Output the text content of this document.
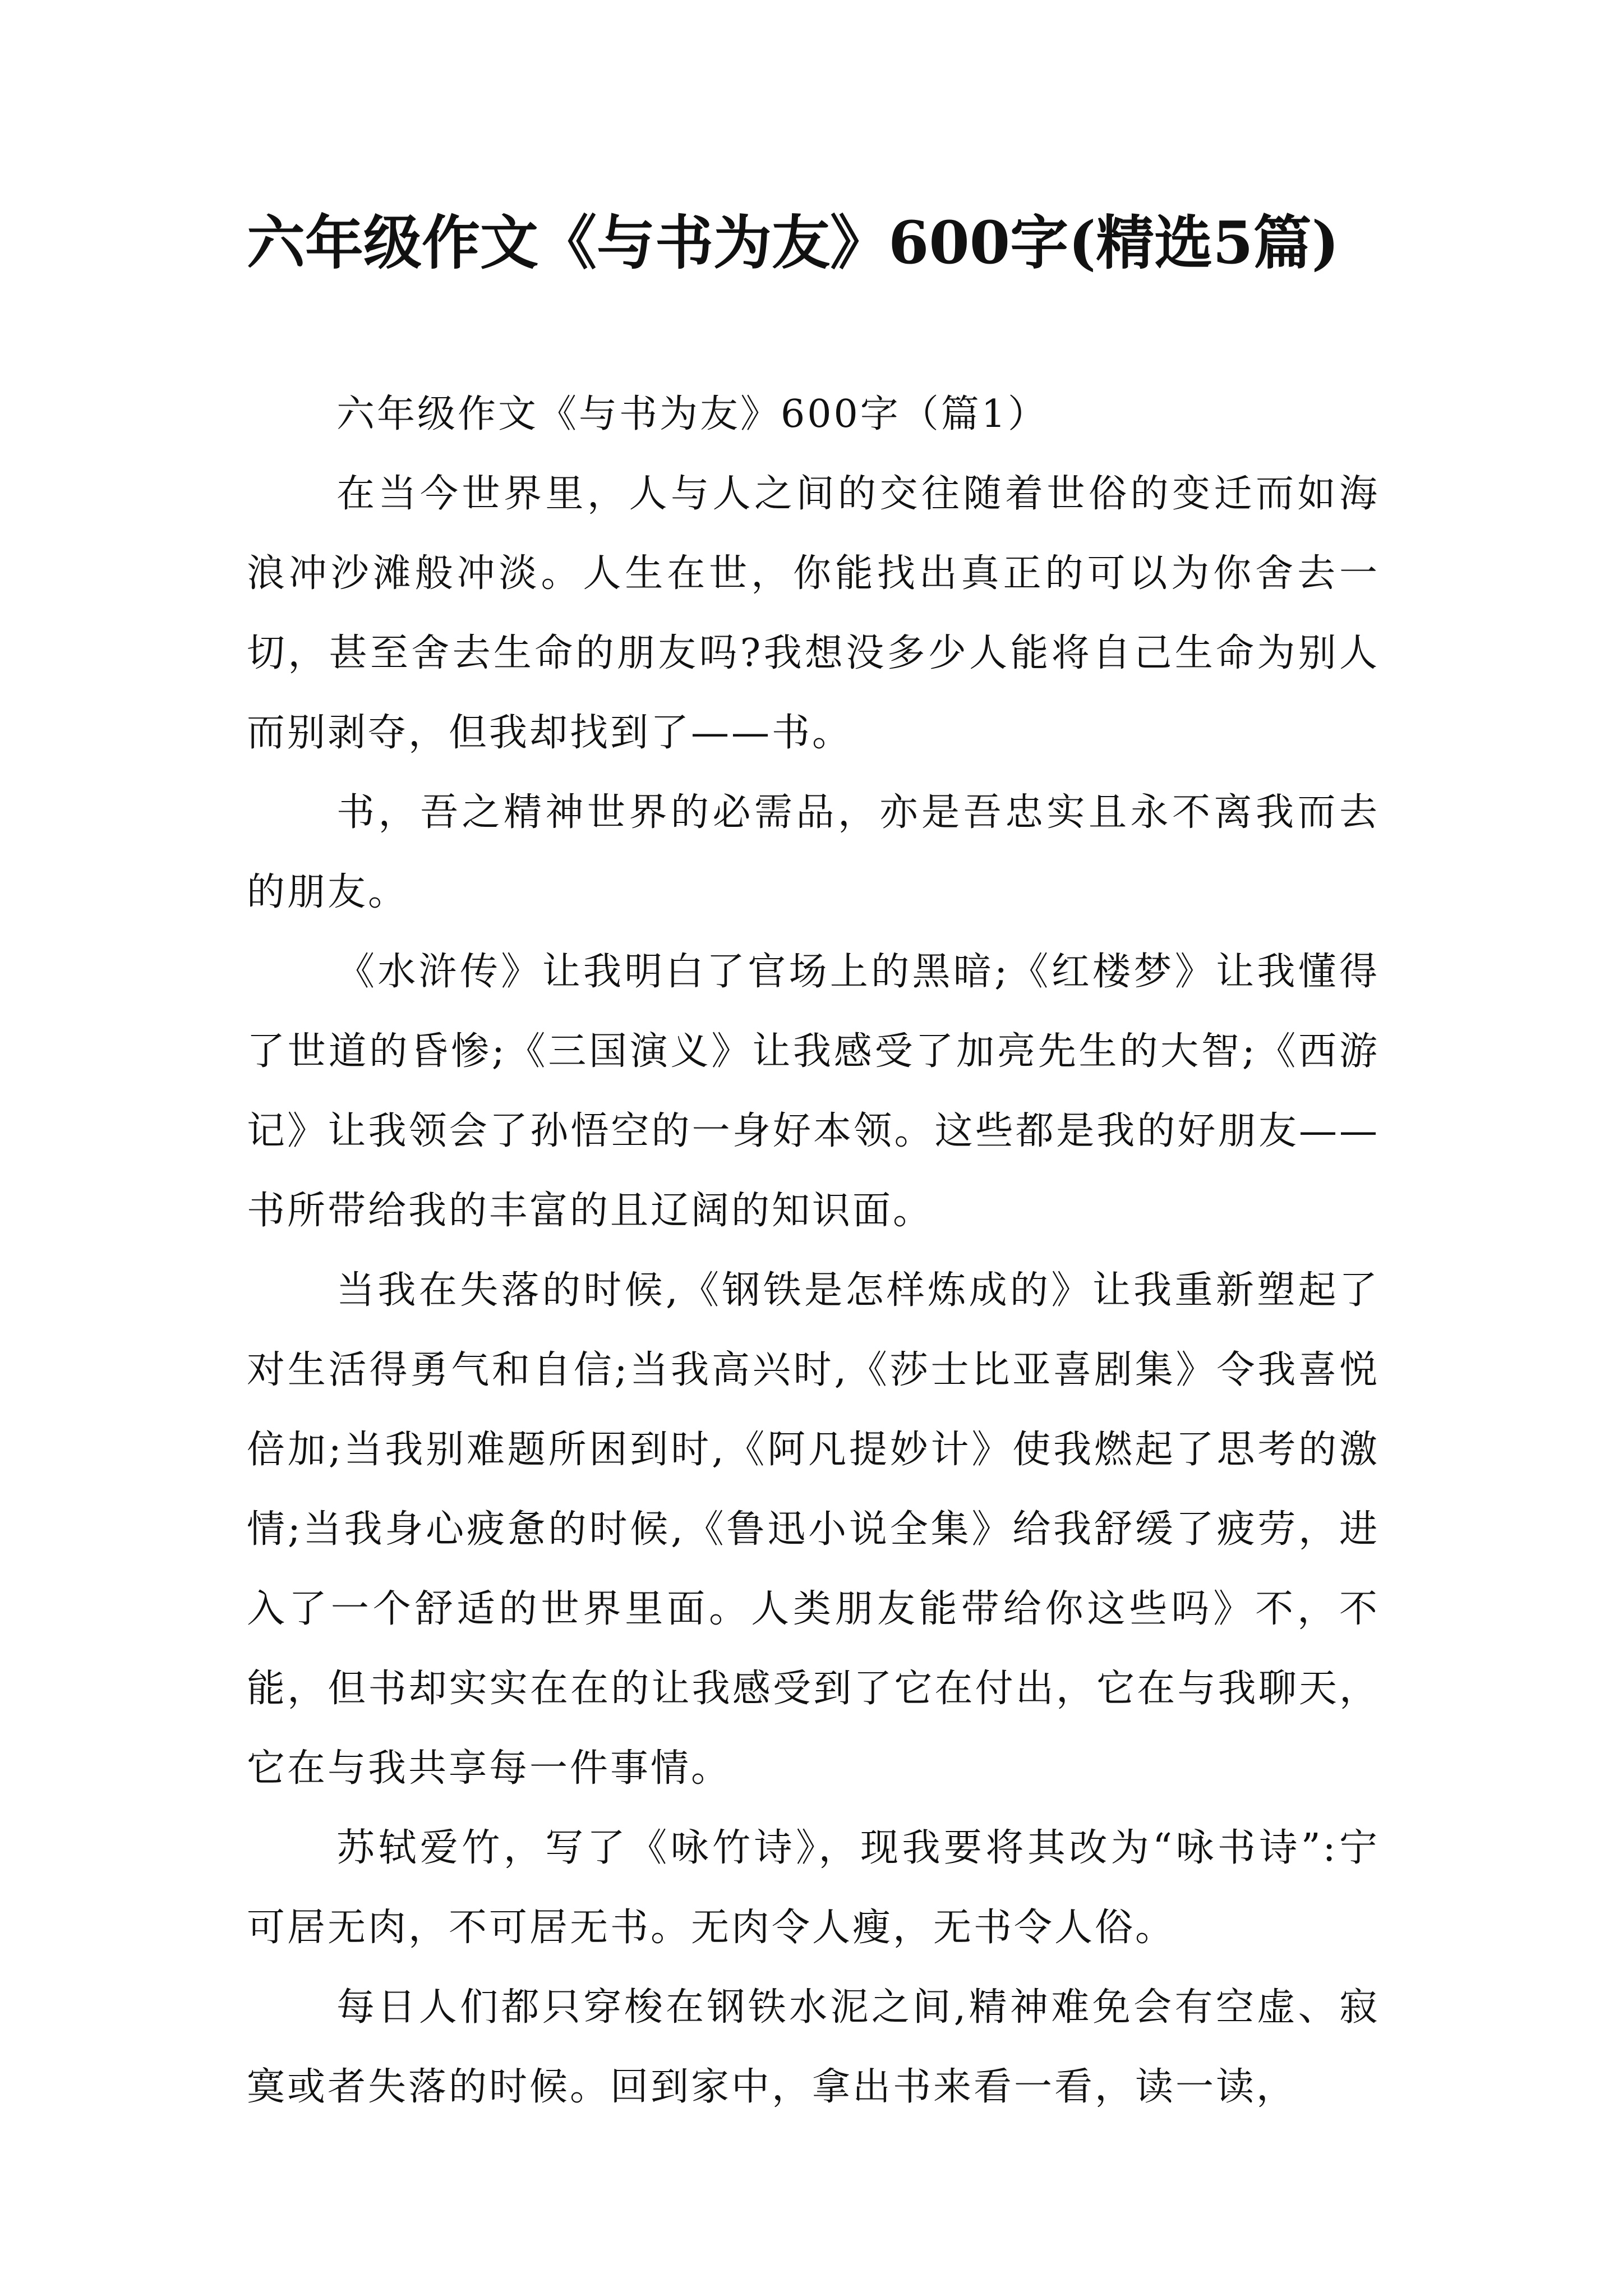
六年级作文《与书为友》600字(精选5篇)

六年级作文《与书为友》600字（篇1）

在当今世界里，人与人之间的交往随着世俗的变迁而如海浪冲沙滩般冲淡。人生在世，你能找出真正的可以为你舍去一切，甚至舍去生命的朋友吗?我想没多少人能将自己生命为别人而别剥夺，但我却找到了——书。

书，吾之精神世界的必需品，亦是吾忠实且永不离我而去的朋友。

《水浒传》让我明白了官场上的黑暗;《红楼梦》让我懂得了世道的昏惨;《三国演义》让我感受了加亮先生的大智;《西游记》让我领会了孙悟空的一身好本领。这些都是我的好朋友——书所带给我的丰富的且辽阔的知识面。

当我在失落的时候,《钢铁是怎样炼成的》让我重新塑起了对生活得勇气和自信;当我高兴时,《莎士比亚喜剧集》令我喜悦倍加;当我别难题所困到时,《阿凡提妙计》使我燃起了思考的激情;当我身心疲惫的时候,《鲁迅小说全集》给我舒缓了疲劳，进入了一个舒适的世界里面。人类朋友能带给你这些吗》不，不能，但书却实实在在的让我感受到了它在付出，它在与我聊天，它在与我共享每一件事情。

苏轼爱竹，写了《咏竹诗》，现我要将其改为“咏书诗”:宁可居无肉，不可居无书。无肉令人瘦，无书令人俗。

每日人们都只穿梭在钢铁水泥之间,精神难免会有空虚、寂寞或者失落的时候。回到家中，拿出书来看一看，读一读，
